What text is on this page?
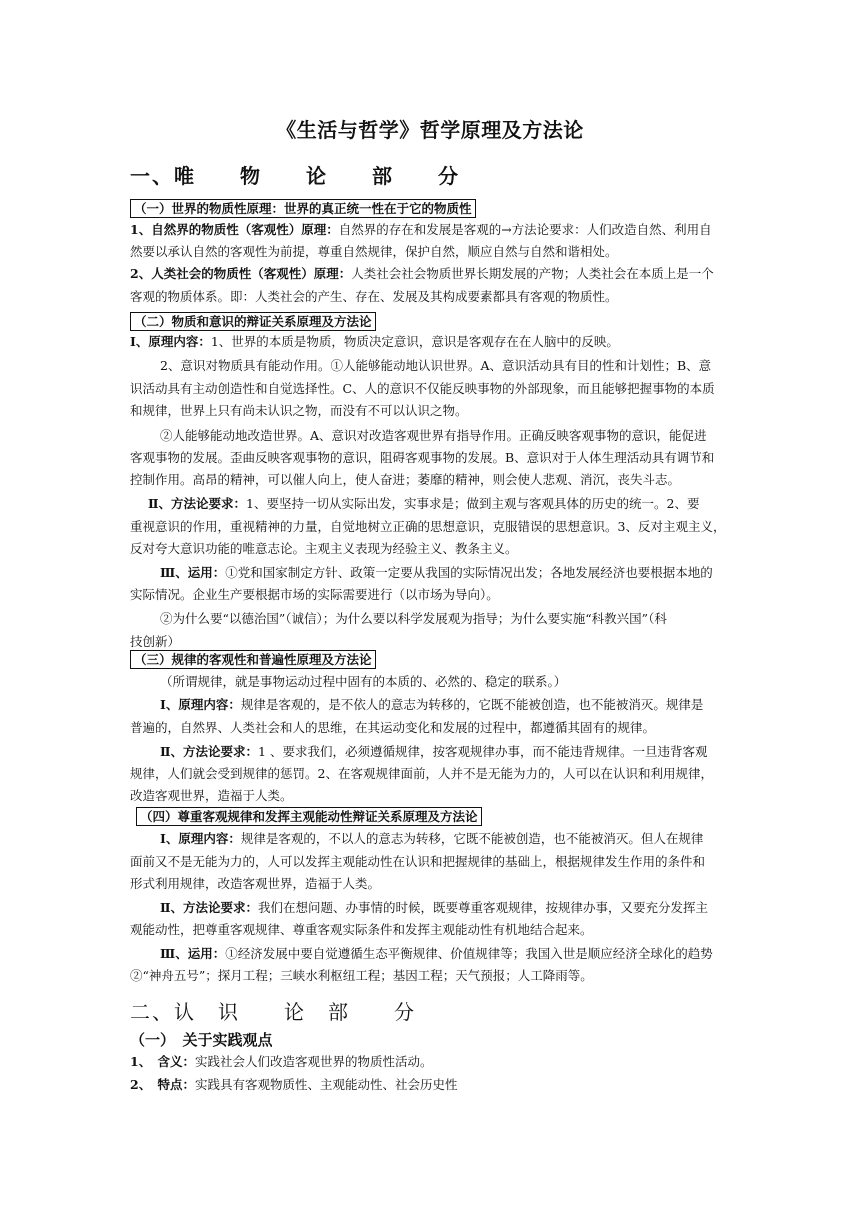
《生活与哲学》哲学原理及方法论
一、唯　　物　　论　　部　　分
（一）世界的物质性原理：世界的真正统一性在于它的物质性
1、自然界的物质性（客观性）原理：自然界的存在和发展是客观的→方法论要求：人们改造自然、利用自
然要以承认自然的客观性为前提，尊重自然规律，保护自然，顺应自然与自然和谐相处。
2、人类社会的物质性（客观性）原理：人类社会社会物质世界长期发展的产物；人类社会在本质上是一个
客观的物质体系。即：人类社会的产生、存在、发展及其构成要素都具有客观的物质性。
（二）物质和意识的辩证关系原理及方法论
Ⅰ、原理内容：1、世界的本质是物质，物质决定意识，意识是客观存在在人脑中的反映。
2、意识对物质具有能动作用。①人能够能动地认识世界。A、意识活动具有目的性和计划性；B、意
识活动具有主动创造性和自觉选择性。C、人的意识不仅能反映事物的外部现象，而且能够把握事物的本质
和规律，世界上只有尚未认识之物，而没有不可以认识之物。
②人能够能动地改造世界。A、意识对改造客观世界有指导作用。正确反映客观事物的意识，能促进
客观事物的发展。歪曲反映客观事物的意识，阻碍客观事物的发展。B、意识对于人体生理活动具有调节和
控制作用。高昂的精神，可以催人向上，使人奋进；萎靡的精神，则会使人悲观、消沉，丧失斗志。
Ⅱ、方法论要求：1、要坚持一切从实际出发，实事求是；做到主观与客观具体的历史的统一。2、要
重视意识的作用，重视精神的力量，自觉地树立正确的思想意识，克服错误的思想意识。3、反对主观主义，
反对夸大意识功能的唯意志论。主观主义表现为经验主义、教条主义。
Ⅲ、运用：①党和国家制定方针、政策一定要从我国的实际情况出发；各地发展经济也要根据本地的
实际情况。企业生产要根据市场的实际需要进行（以市场为导向）。
②为什么要“以德治国”（诚信）；为什么要以科学发展观为指导；为什么要实施“科教兴国”（科
技创新）
（三）规律的客观性和普遍性原理及方法论
（所谓规律，就是事物运动过程中固有的本质的、必然的、稳定的联系。）
Ⅰ、原理内容：规律是客观的，是不依人的意志为转移的，它既不能被创造，也不能被消灭。规律是
普遍的，自然界、人类社会和人的思维，在其运动变化和发展的过程中，都遵循其固有的规律。
Ⅱ、方法论要求：1 、要求我们，必须遵循规律，按客观规律办事，而不能违背规律。一旦违背客观
规律，人们就会受到规律的惩罚。2、在客观规律面前，人并不是无能为力的，人可以在认识和利用规律，
改造客观世界，造福于人类。
（四）尊重客观规律和发挥主观能动性辩证关系原理及方法论
Ⅰ、原理内容：规律是客观的，不以人的意志为转移，它既不能被创造，也不能被消灭。但人在规律
面前又不是无能为力的，人可以发挥主观能动性在认识和把握规律的基础上，根据规律发生作用的条件和
形式利用规律，改造客观世界，造福于人类。
Ⅱ、方法论要求：我们在想问题、办事情的时候，既要尊重客观规律，按规律办事，又要充分发挥主
观能动性，把尊重客观规律、尊重客观实际条件和发挥主观能动性有机地结合起来。
Ⅲ、运用：①经济发展中要自觉遵循生态平衡规律、价值规律等；我国入世是顺应经济全球化的趋势
②“神舟五号”；探月工程；三峡水利枢纽工程；基因工程；天气预报；人工降雨等。
二、认　识　　论　部　　分
（一）　关于实践观点
1、　含义：实践社会人们改造客观世界的物质性活动。
2、　特点：实践具有客观物质性、主观能动性、社会历史性
